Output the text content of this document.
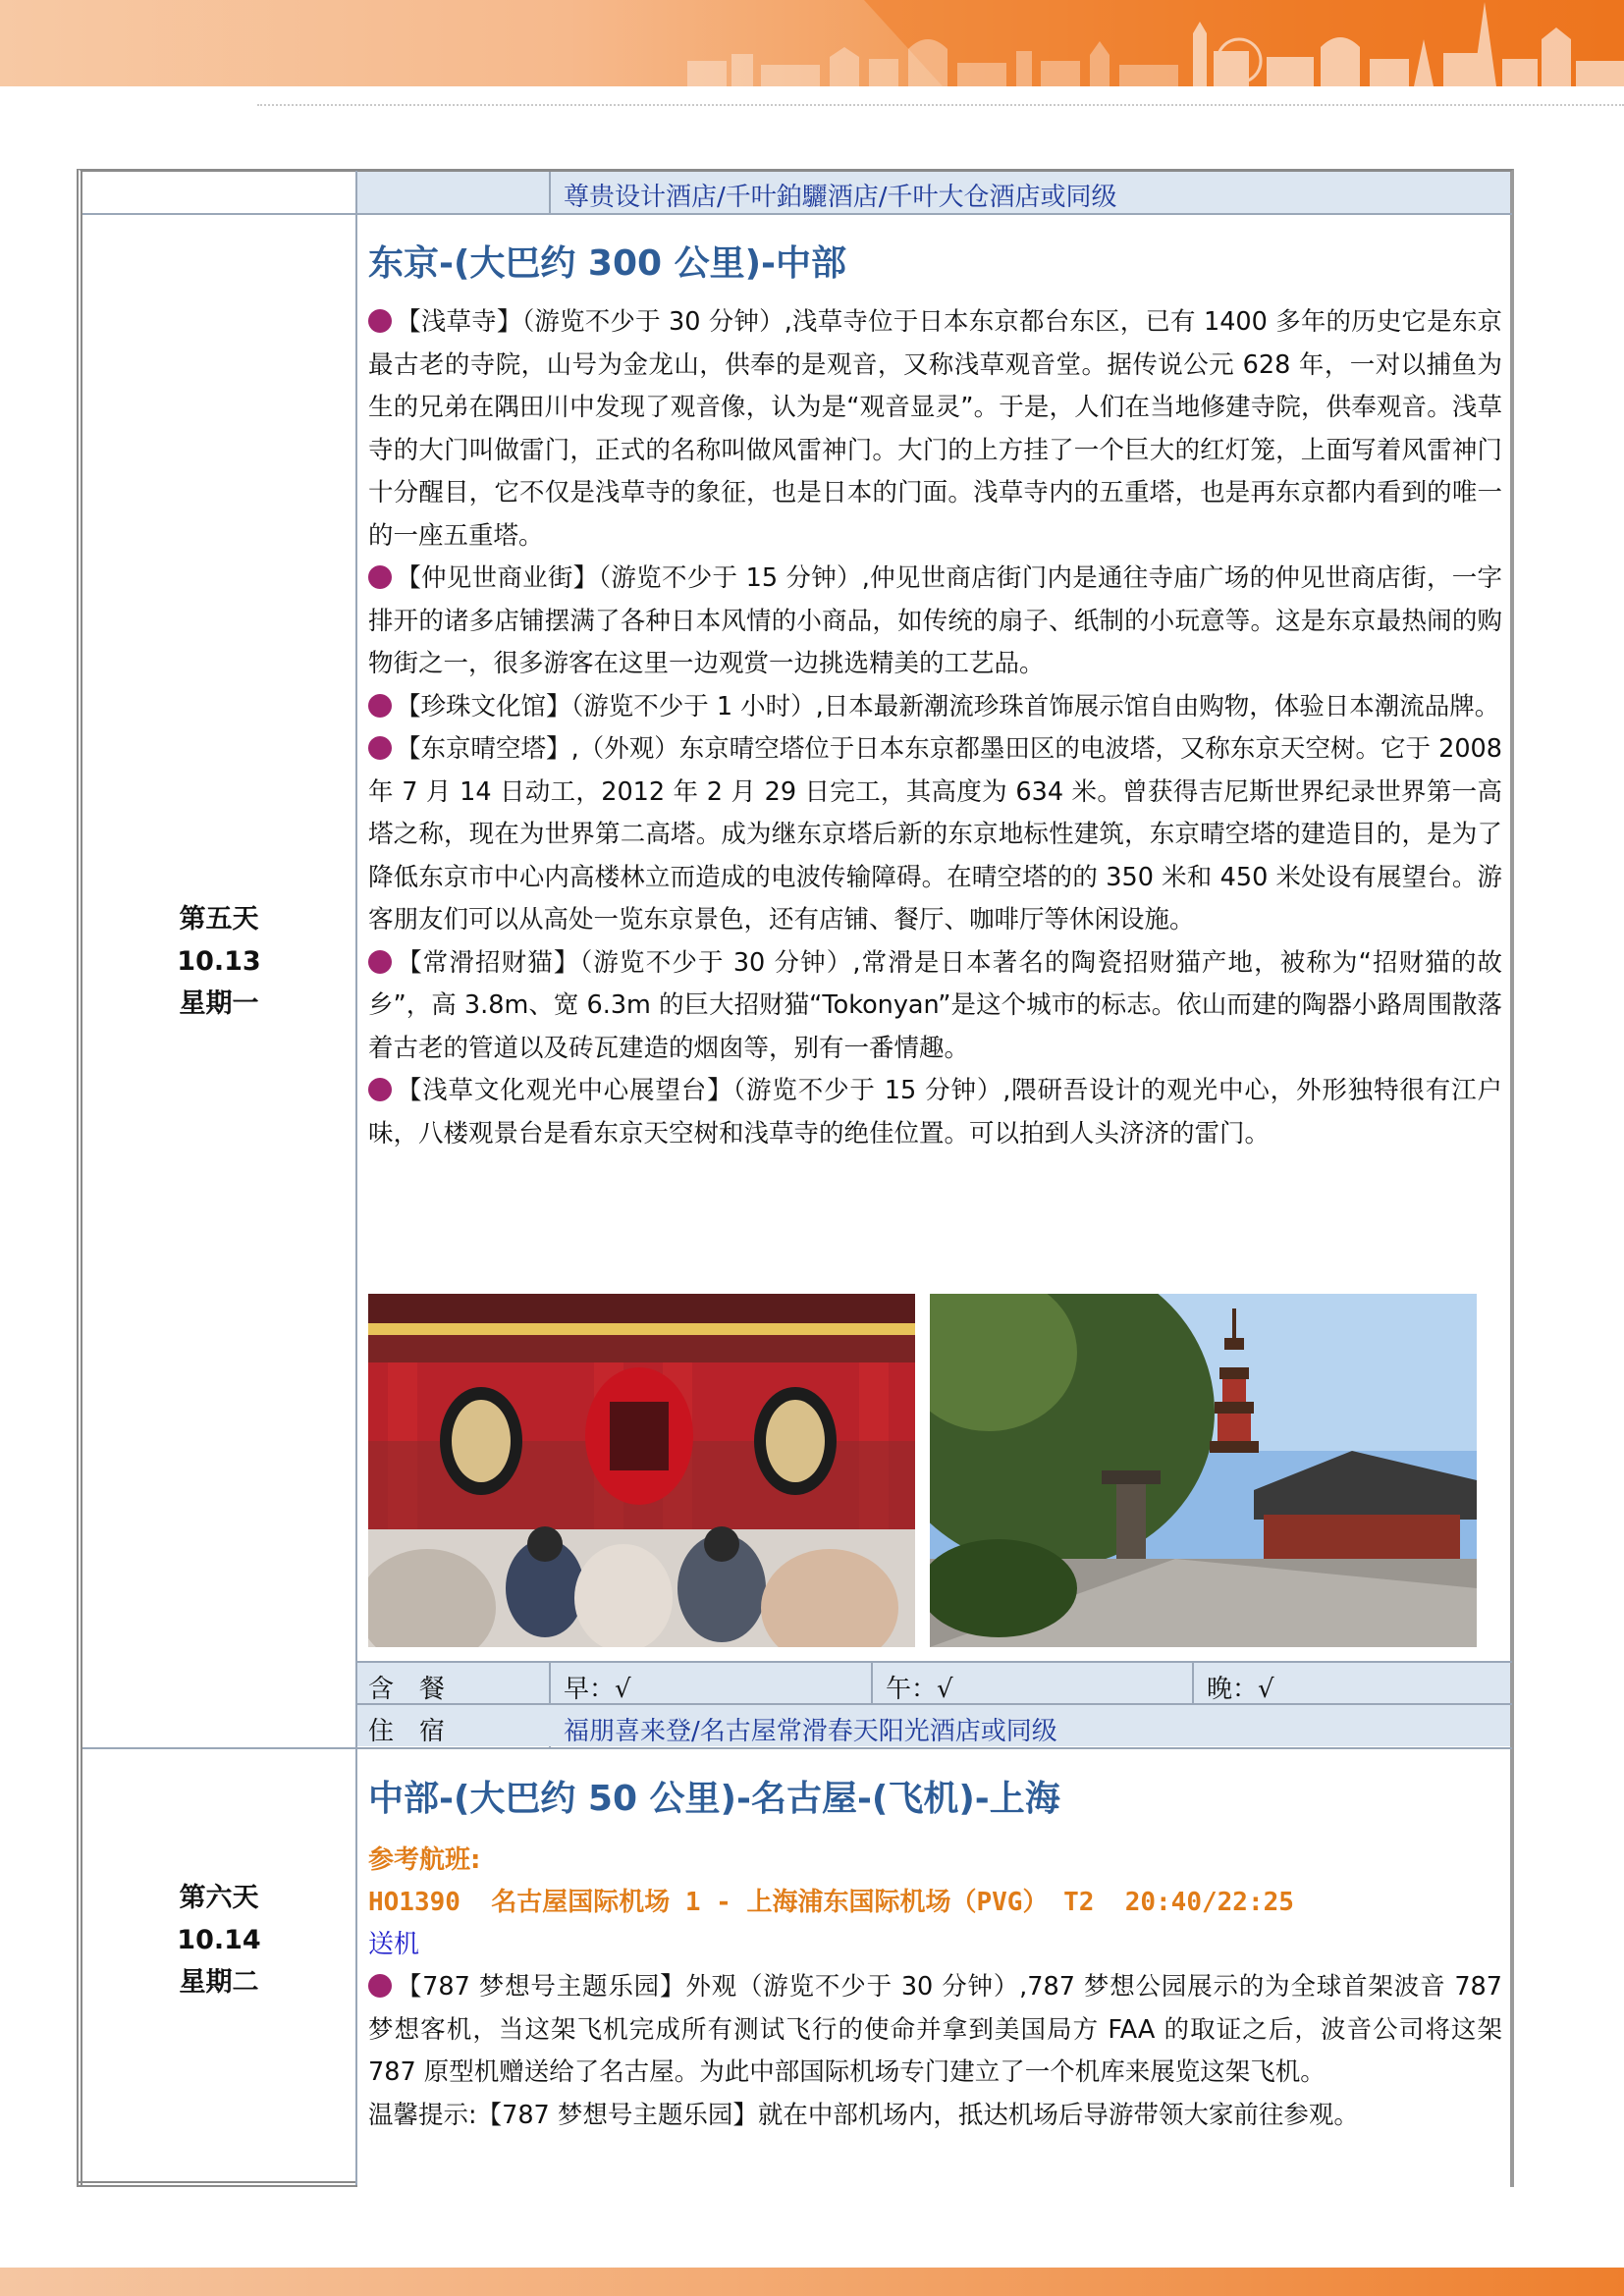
尊贵设计酒店/千叶鉑驪酒店/千叶大仓酒店或同级
第五天
10.13
星期一
东京-(大巴约 300 公里)-中部
【浅草寺】（游览不少于 30 分钟）,浅草寺位于日本东京都台东区，已有 1400 多年的历史它是东京最古老的寺院，山号为金龙山，供奉的是观音，又称浅草观音堂。据传说公元 628 年，一对以捕鱼为生的兄弟在隅田川中发现了观音像，认为是“观音显灵”。于是，人们在当地修建寺院，供奉观音。浅草寺的大门叫做雷门，正式的名称叫做风雷神门。大门的上方挂了一个巨大的红灯笼，上面写着风雷神门十分醒目，它不仅是浅草寺的象征，也是日本的门面。浅草寺内的五重塔，也是再东京都内看到的唯一的一座五重塔。
【仲见世商业街】（游览不少于 15 分钟）,仲见世商店街门内是通往寺庙广场的仲见世商店街，一字排开的诸多店铺摆满了各种日本风情的小商品，如传统的扇子、纸制的小玩意等。这是东京最热闹的购物街之一，很多游客在这里一边观赏一边挑选精美的工艺品。
【珍珠文化馆】（游览不少于 1 小时）,日本最新潮流珍珠首饰展示馆自由购物，体验日本潮流品牌。
【东京晴空塔】,（外观）东京晴空塔位于日本东京都墨田区的电波塔，又称东京天空树。它于 2008 年 7 月 14 日动工，2012 年 2 月 29 日完工，其高度为 634 米。曾获得吉尼斯世界纪录世界第一高塔之称，现在为世界第二高塔。成为继东京塔后新的东京地标性建筑，东京晴空塔的建造目的，是为了降低东京市中心内高楼林立而造成的电波传输障碍。在晴空塔的的 350 米和 450 米处设有展望台。游客朋友们可以从高处一览东京景色，还有店铺、餐厅、咖啡厅等休闲设施。
【常滑招财猫】（游览不少于 30 分钟）,常滑是日本著名的陶瓷招财猫产地，被称为“招财猫的故乡”，高 3.8m、宽 6.3m 的巨大招财猫“Tokonyan”是这个城市的标志。依山而建的陶器小路周围散落着古老的管道以及砖瓦建造的烟囱等，别有一番情趣。
【浅草文化观光中心展望台】（游览不少于 15 分钟）,隈研吾设计的观光中心，外形独特很有江户味，八楼观景台是看东京天空树和浅草寺的绝佳位置。可以拍到人头济济的雷门。
含　餐	早：√	午：√	晚：√
住　宿	福朋喜来登/名古屋常滑春天阳光酒店或同级
第六天
10.14
星期二
中部-(大巴约 50 公里)-名古屋-(飞机)-上海
参考航班:
HO1390  名古屋国际机场 1 - 上海浦东国际机场（PVG） T2  20:40/22:25
送机
【787 梦想号主题乐园】外观（游览不少于 30 分钟）,787 梦想公园展示的为全球首架波音 787 梦想客机，当这架飞机完成所有测试飞行的使命并拿到美国局方 FAA 的取证之后，波音公司将这架 787 原型机赠送给了名古屋。为此中部国际机场专门建立了一个机库来展览这架飞机。
温馨提示:【787 梦想号主题乐园】就在中部机场内，抵达机场后导游带领大家前往参观。
